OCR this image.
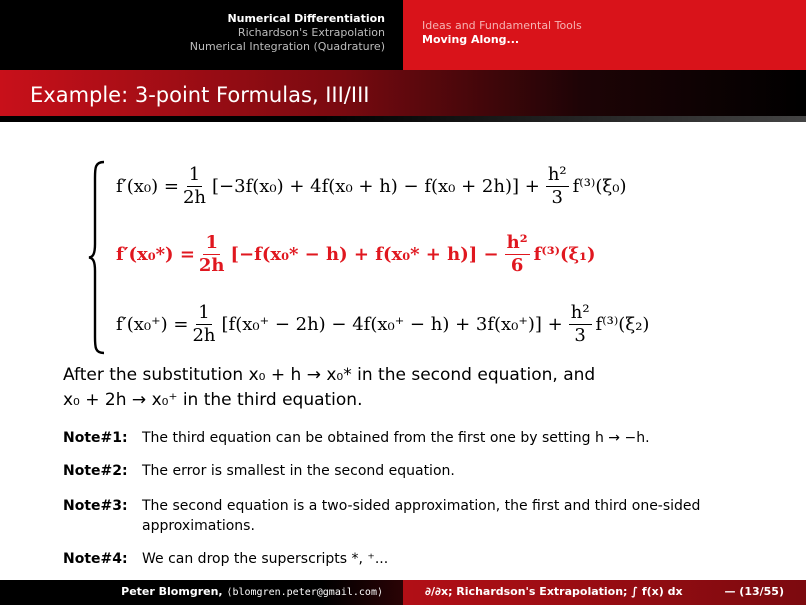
Numerical Differentiation
Richardson's Extrapolation
Numerical Integration (Quadrature)
Ideas and Fundamental Tools
Moving Along...
Example: 3-point Formulas, III/III
$f'(x_0) = \frac{1}{2h} [-3f(x_0) + 4f(x_0 + h) - f(x_0 + 2h)] + \frac{\text{h²}}{3} f^{(3)}(\xi_0)$
$f'(x_0*) = \frac{1}{2h} [-f(x_0* - h) + f(x_0* + h)] - \frac{\text{h²}}{6} f^{(3)}(\xi_1)$
$f'(x_0^+) = \frac{1}{2h} [f(x_0^+ - 2h) - 4f(x_0^+ - h) + 3f(x_0^+)] + \frac{\text{h²}}{3} f^{(3)}(\xi_2)$
After the substitution x₀ + h → x₀* in the second equation, and
x₀ + 2h → x₀⁺ in the third equation.
Note#1: The third equation can be obtained from the first one by setting h → −h.
Note#2: The error is smallest in the second equation.
Note#3: The second equation is a two-sided approximation, the first and third one-sided approximations.
Note#4: We can drop the superscripts *, ⁺...
Peter Blomgren, ⟨blomgren.peter@gmail.com⟩	∂/∂x; Richardson's Extrapolation; ∫ f(x) dx	— (13/55)
